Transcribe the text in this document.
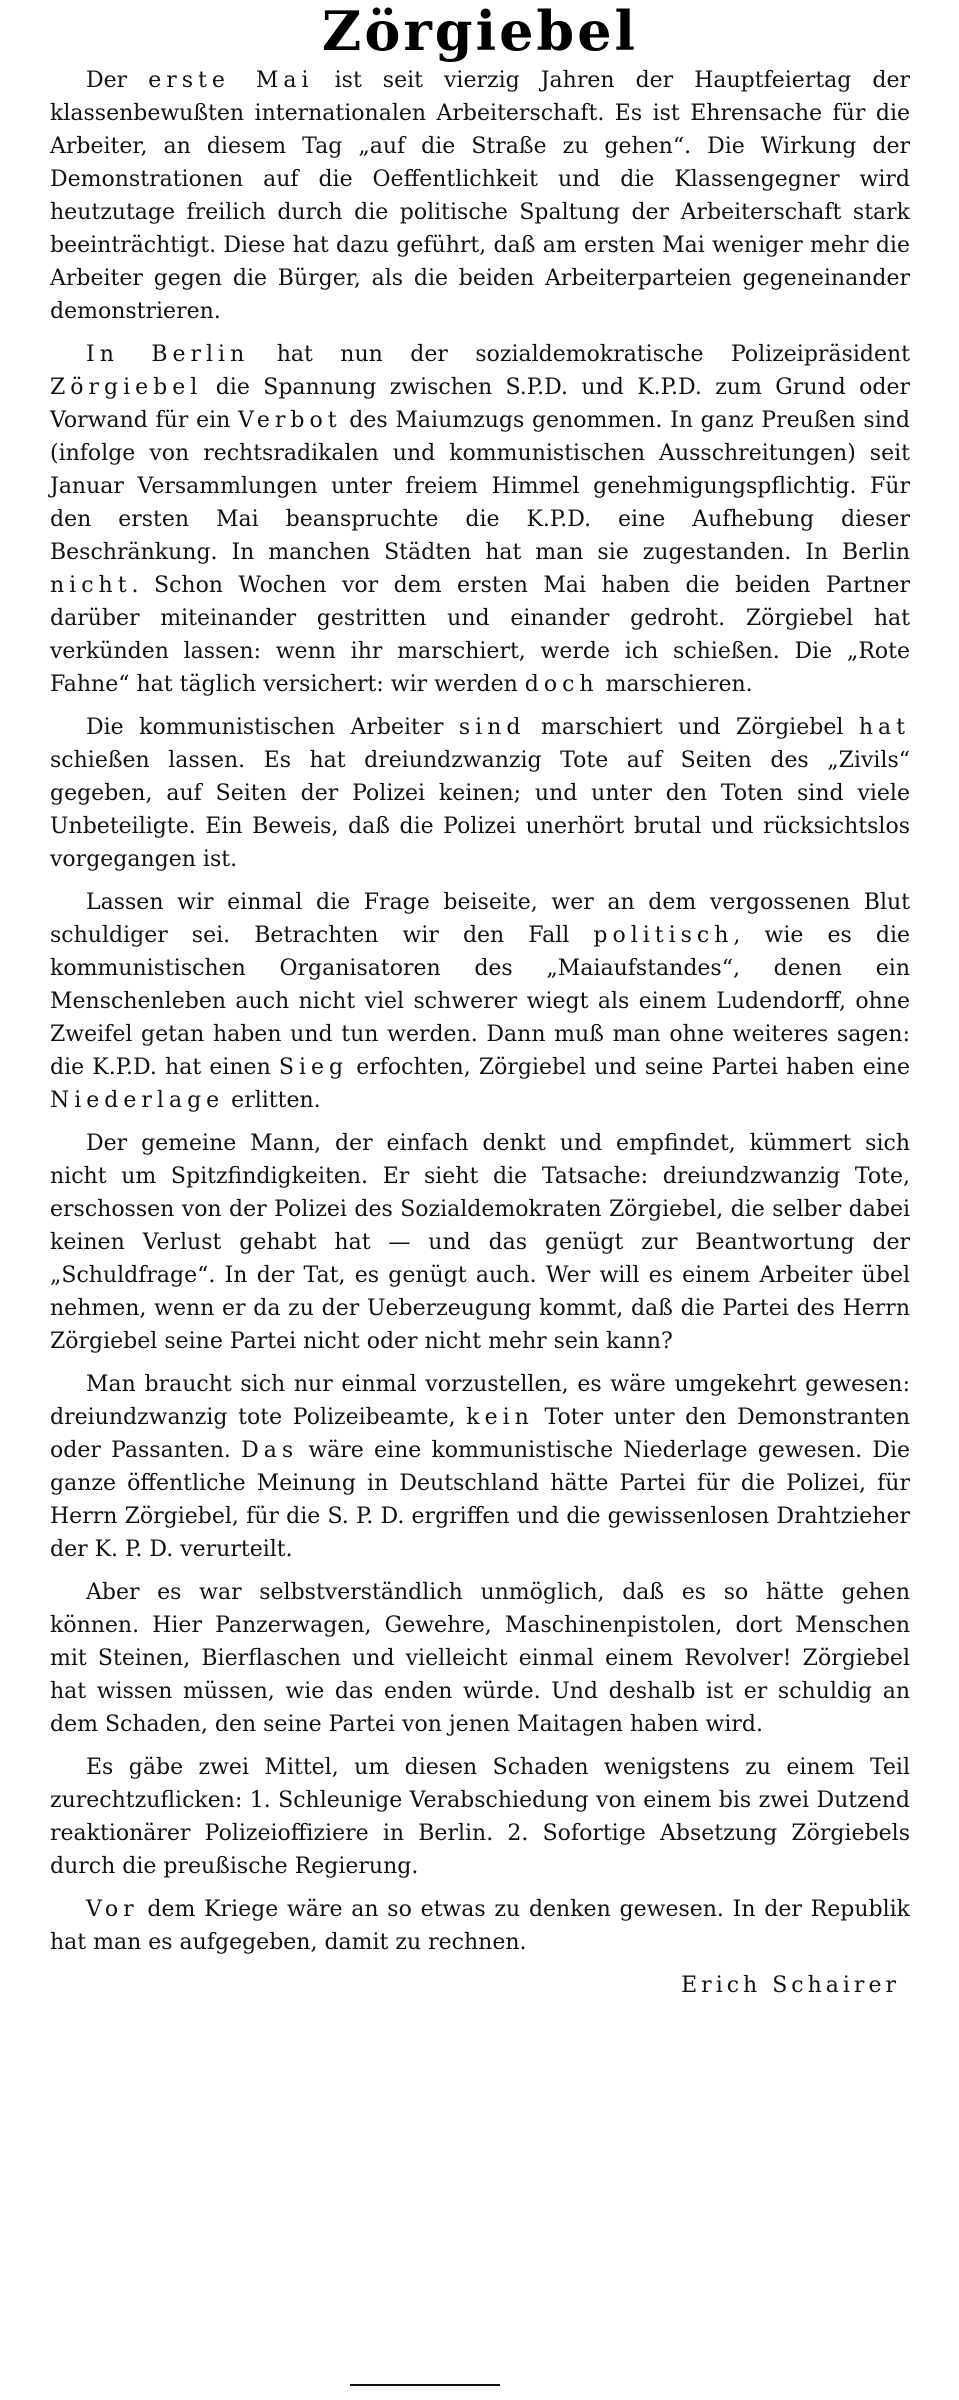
Zörgiebel

Der erste Mai ist seit vierzig Jahren der Hauptfeiertag der klassenbewußten internationalen Arbeiterschaft. Es ist Ehrensache für die Arbeiter, an diesem Tag „auf die Straße zu gehen“. Die Wirkung der Demonstrationen auf die Oeffentlichkeit und die Klassengegner wird heutzutage freilich durch die politische Spaltung der Arbeiterschaft stark beeinträchtigt. Diese hat dazu geführt, daß am ersten Mai weniger mehr die Arbeiter gegen die Bürger, als die beiden Arbeiterparteien gegeneinander demonstrieren.

In Berlin hat nun der sozialdemokratische Polizeipräsident Zörgiebel die Spannung zwischen S.P.D. und K.P.D. zum Grund oder Vorwand für ein Verbot des Maiumzugs genommen. In ganz Preußen sind (infolge von rechtsradikalen und kommunistischen Ausschreitungen) seit Januar Versammlungen unter freiem Himmel genehmigungspflichtig. Für den ersten Mai beanspruchte die K.P.D. eine Aufhebung dieser Beschränkung. In manchen Städten hat man sie zugestanden. In Berlin nicht. Schon Wochen vor dem ersten Mai haben die beiden Partner darüber miteinander gestritten und einander gedroht. Zörgiebel hat verkünden lassen: wenn ihr marschiert, werde ich schießen. Die „Rote Fahne“ hat täglich versichert: wir werden doch marschieren.

Die kommunistischen Arbeiter sind marschiert und Zörgiebel hat schießen lassen. Es hat dreiundzwanzig Tote auf Seiten des „Zivils“ gegeben, auf Seiten der Polizei keinen; und unter den Toten sind viele Unbeteiligte. Ein Beweis, daß die Polizei unerhört brutal und rücksichtslos vorgegangen ist.

Lassen wir einmal die Frage beiseite, wer an dem vergossenen Blut schuldiger sei. Betrachten wir den Fall politisch, wie es die kommunistischen Organisatoren des „Maiaufstandes“, denen ein Menschenleben auch nicht viel schwerer wiegt als einem Ludendorff, ohne Zweifel getan haben und tun werden. Dann muß man ohne weiteres sagen: die K.P.D. hat einen Sieg erfochten, Zörgiebel und seine Partei haben eine Niederlage erlitten.

Der gemeine Mann, der einfach denkt und empfindet, kümmert sich nicht um Spitzfindigkeiten. Er sieht die Tatsache: dreiundzwanzig Tote, erschossen von der Polizei des Sozialdemokraten Zörgiebel, die selber dabei keinen Verlust gehabt hat — und das genügt zur Beantwortung der „Schuldfrage“. In der Tat, es genügt auch. Wer will es einem Arbeiter übel nehmen, wenn er da zu der Ueberzeugung kommt, daß die Partei des Herrn Zörgiebel seine Partei nicht oder nicht mehr sein kann?

Man braucht sich nur einmal vorzustellen, es wäre umgekehrt gewesen: dreiundzwanzig tote Polizeibeamte, kein Toter unter den Demonstranten oder Passanten. Das wäre eine kommunistische Niederlage gewesen. Die ganze öffentliche Meinung in Deutschland hätte Partei für die Polizei, für Herrn Zörgiebel, für die S. P. D. ergriffen und die gewissenlosen Drahtzieher der K. P. D. verurteilt.

Aber es war selbstverständlich unmöglich, daß es so hätte gehen können. Hier Panzerwagen, Gewehre, Maschinenpistolen, dort Menschen mit Steinen, Bierflaschen und vielleicht einmal einem Revolver! Zörgiebel hat wissen müssen, wie das enden würde. Und deshalb ist er schuldig an dem Schaden, den seine Partei von jenen Maitagen haben wird.

Es gäbe zwei Mittel, um diesen Schaden wenigstens zu einem Teil zurechtzuflicken: 1. Schleunige Verabschiedung von einem bis zwei Dutzend reaktionärer Polizeioffiziere in Berlin. 2. Sofortige Absetzung Zörgiebels durch die preußische Regierung.

Vor dem Kriege wäre an so etwas zu denken gewesen. In der Republik hat man es aufgegeben, damit zu rechnen.

Erich Schairer
